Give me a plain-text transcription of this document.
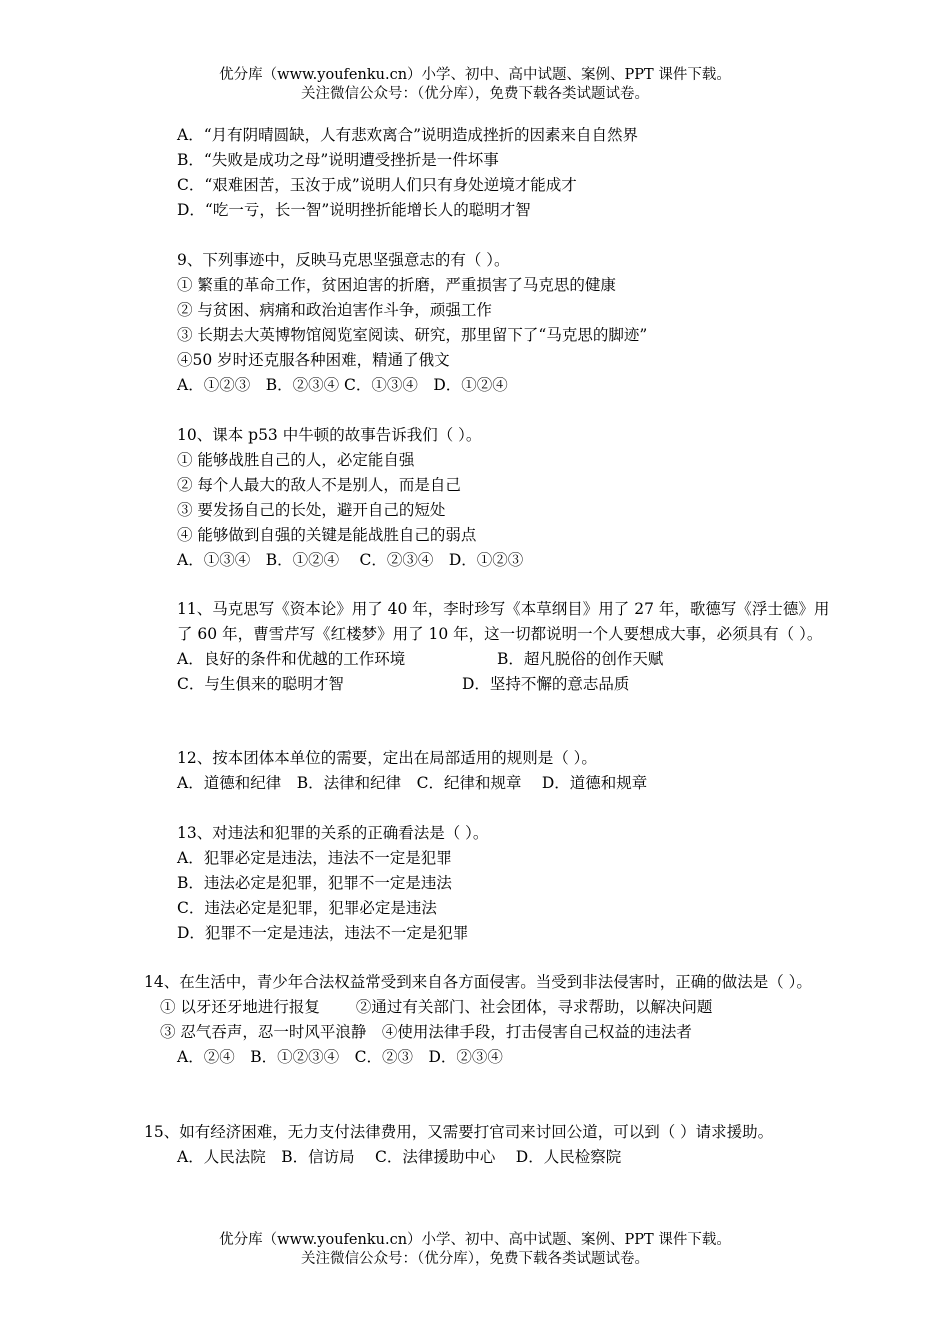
优分库（www.youfenku.cn）小学、初中、高中试题、案例、PPT 课件下载。
关注微信公众号：（优分库），免费下载各类试题试卷。
A．“月有阴晴圆缺，人有悲欢离合”说明造成挫折的因素来自自然界
B．“失败是成功之母”说明遭受挫折是一件坏事
C．“艰难困苦，玉汝于成”说明人们只有身处逆境才能成才
D．“吃一亏，长一智”说明挫折能增长人的聪明才智
9、下列事迹中，反映马克思坚强意志的有（ ）。
① 繁重的革命工作，贫困迫害的折磨，严重损害了马克思的健康
② 与贫困、病痛和政治迫害作斗争，顽强工作
③ 长期去大英博物馆阅览室阅读、研究，那里留下了“马克思的脚迹”
④50 岁时还克服各种困难，精通了俄文
A．①②③　B．②③④ C．①③④　D．①②④
10、课本 p53 中牛顿的故事告诉我们（ ）。
① 能够战胜自己的人，必定能自强
② 每个人最大的敌人不是别人，而是自己
③ 要发扬自己的长处，避开自己的短处
④ 能够做到自强的关键是能战胜自己的弱点
A．①③④　B．①②④　 C．②③④　D．①②③
11、马克思写《资本论》用了 40 年，李时珍写《本草纲目》用了 27 年，歌德写《浮士德》用了 60 年，曹雪芹写《红楼梦》用了 10 年，这一切都说明一个人要想成大事，必须具有（ ）。
A．良好的条件和优越的工作环境	B．超凡脱俗的创作天赋
C．与生俱来的聪明才智	D．坚持不懈的意志品质
12、按本团体本单位的需要，定出在局部适用的规则是（ ）。
A．道德和纪律　B．法律和纪律　C．纪律和规章　 D．道德和规章
13、对违法和犯罪的关系的正确看法是（ ）。
A．犯罪必定是违法，违法不一定是犯罪
B．违法必定是犯罪，犯罪不一定是违法
C．违法必定是犯罪，犯罪必定是违法
D．犯罪不一定是违法，违法不一定是犯罪
14、 在生活中，青少年合法权益常受到来自各方面侵害。当受到非法侵害时，正确的做法是（ ）。
① 以牙还牙地进行报复　　 ②通过有关部门、社会团体，寻求帮助，以解决问题
③ 忍气吞声，忍一时风平浪静　④使用法律手段，打击侵害自己权益的违法者
A．②④　B．①②③④　C．②③　D．②③④
15、 如有经济困难，无力支付法律费用，又需要打官司来讨回公道，可以到（ ）请求援助。
A．人民法院　B．信访局　 C．法律援助中心　 D．人民检察院
优分库（www.youfenku.cn）小学、初中、高中试题、案例、PPT 课件下载。
关注微信公众号：（优分库），免费下载各类试题试卷。
